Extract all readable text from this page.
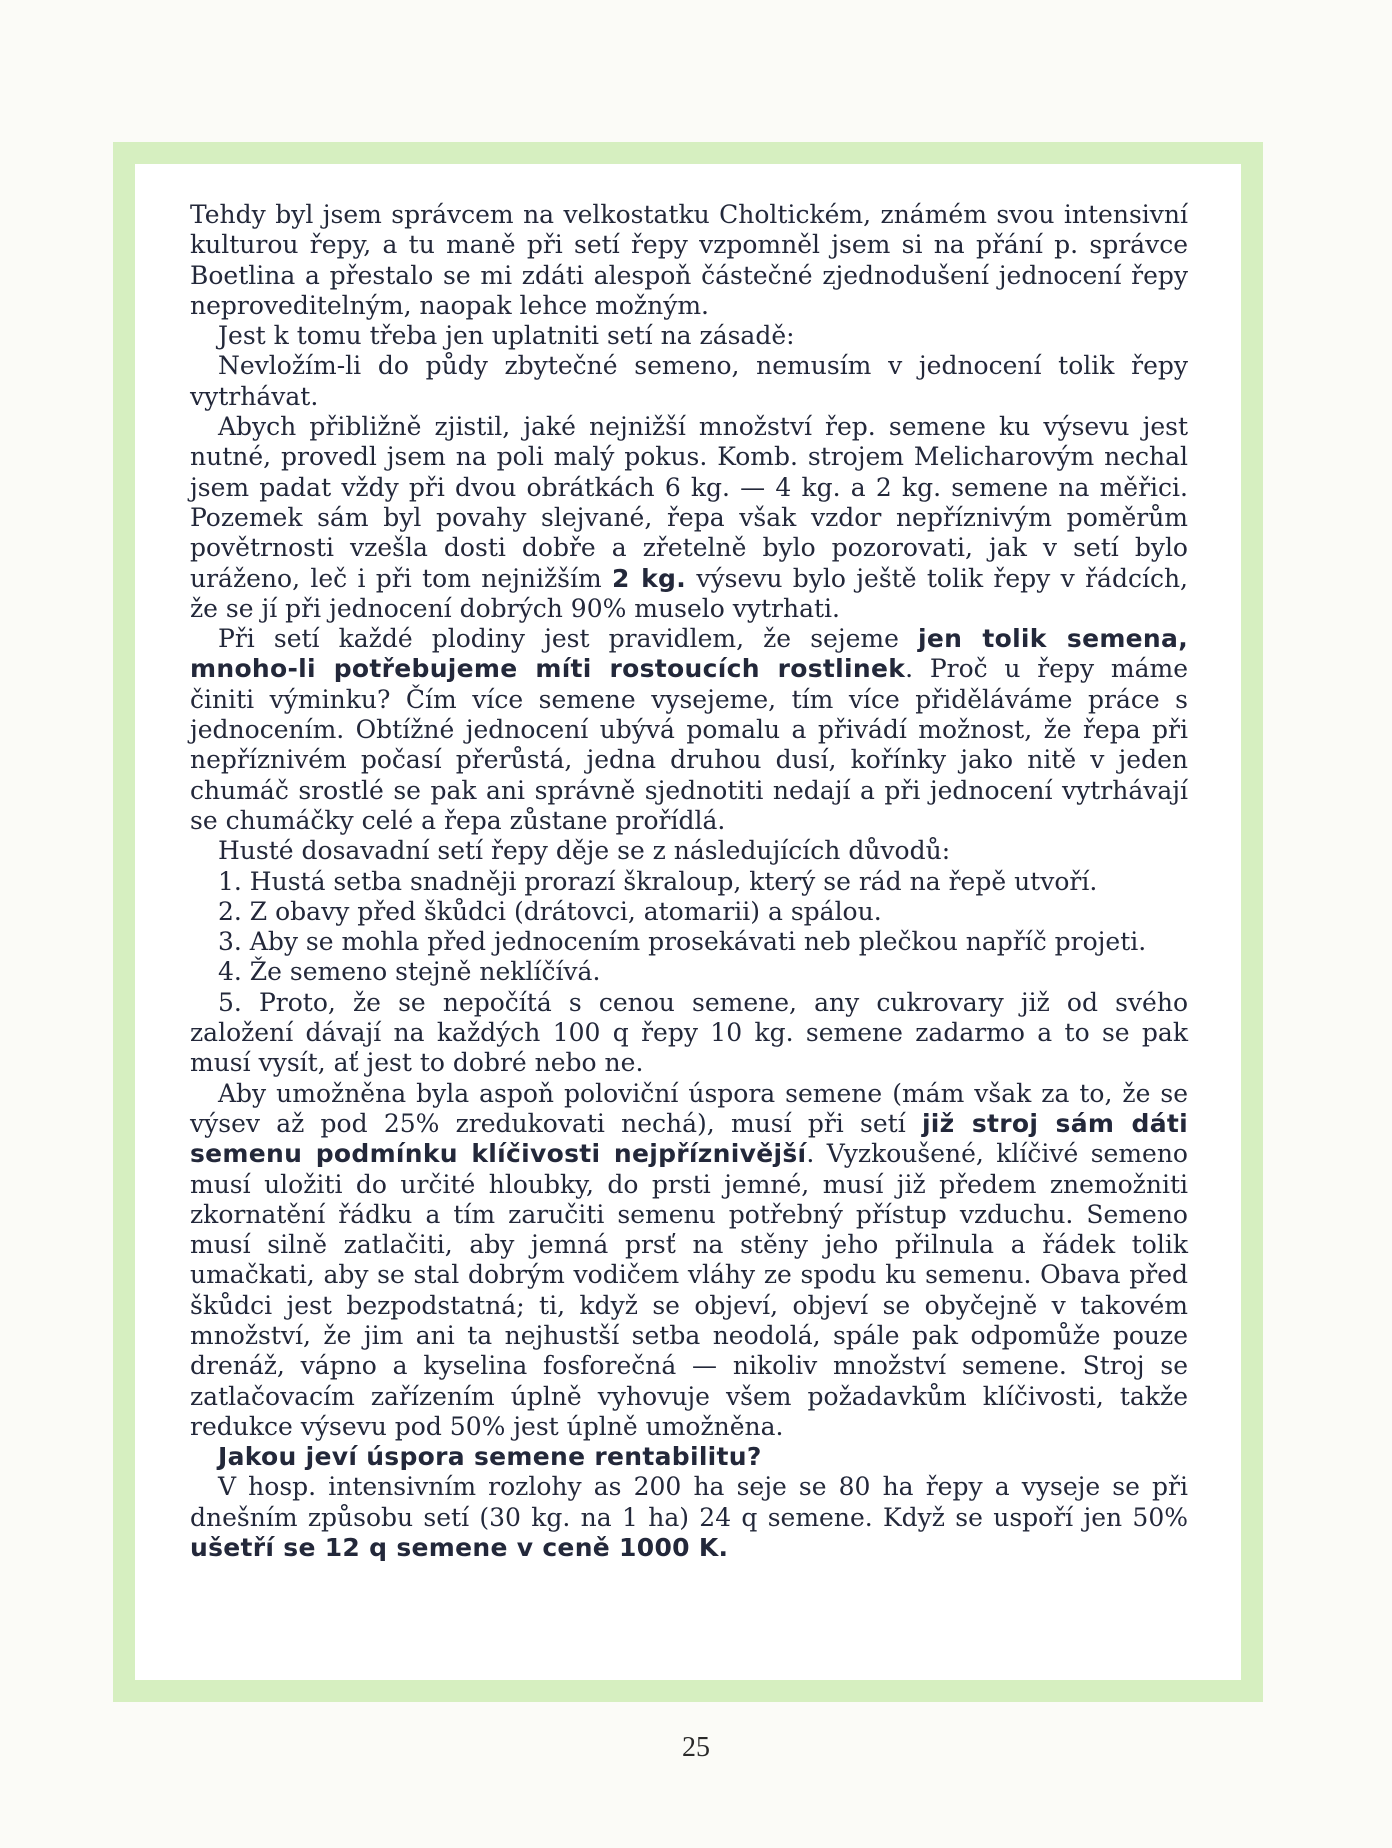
Tehdy byl jsem správcem na velkostatku Choltickém, známém svou intensivní kulturou řepy, a tu maně při setí řepy vzpomněl jsem si na přání p. správce Boetlina a přestalo se mi zdáti alespoň částečné zjednodušení jednocení řepy neproveditelným, naopak lehce možným.

Jest k tomu třeba jen uplatniti setí na zásadě:

Nevložím-li do půdy zbytečné semeno, nemusím v jednocení tolik řepy vytrhávat.

Abych přibližně zjistil, jaké nejnižší množství řep. semene ku výsevu jest nutné, provedl jsem na poli malý pokus. Komb. strojem Melicharovým nechal jsem padat vždy při dvou obrátkách 6 kg. — 4 kg. a 2 kg. semene na měřici. Pozemek sám byl povahy slejvané, řepa však vzdor nepříznivým poměrům povětrnosti vzešla dosti dobře a zřetelně bylo pozorovati, jak v setí bylo uráženo, leč i při tom nejnižším 2 kg. výsevu bylo ještě tolik řepy v řádcích, že se jí při jednocení dobrých 90% muselo vytrhati.

Při setí každé plodiny jest pravidlem, že sejeme jen tolik semena, mnoho-li potřebujeme míti rostoucích rostlinek. Proč u řepy máme činiti výminku? Čím více semene vysejeme, tím více přiděláváme práce s jednocením. Obtížné jednocení ubývá pomalu a přivádí možnost, že řepa při nepříznivém počasí přerůstá, jedna druhou dusí, kořínky jako nitě v jeden chumáč srostlé se pak ani správně sjednotiti nedají a při jednocení vytrhávají se chumáčky celé a řepa zůstane prořídlá.

Husté dosavadní setí řepy děje se z následujících důvodů:

1. Hustá setba snadněji prorazí škraloup, který se rád na řepě utvoří.

2. Z obavy před škůdci (drátovci, atomarii) a spálou.

3. Aby se mohla před jednocením prosekávati neb plečkou napříč projeti.

4. Že semeno stejně neklíčívá.

5. Proto, že se nepočítá s cenou semene, any cukrovary již od svého založení dávají na každých 100 q řepy 10 kg. semene zadarmo a to se pak musí vysít, ať jest to dobré nebo ne.

Aby umožněna byla aspoň poloviční úspora semene (mám však za to, že se výsev až pod 25% zredukovati nechá), musí při setí již stroj sám dáti semenu podmínku klíčivosti nejpříznivější. Vyzkoušené, klíčivé semeno musí uložiti do určité hloubky, do prsti jemné, musí již předem znemožniti zkornatění řádku a tím zaručiti semenu potřebný přístup vzduchu. Semeno musí silně zatlačiti, aby jemná prsť na stěny jeho přilnula a řádek tolik umačkati, aby se stal dobrým vodičem vláhy ze spodu ku semenu. Obava před škůdci jest bezpodstatná; ti, když se objeví, objeví se obyčejně v takovém množství, že jim ani ta nejhustší setba neodolá, spále pak odpomůže pouze drenáž, vápno a kyselina fosforečná — nikoliv množství semene. Stroj se zatlačovacím zařízením úplně vyhovuje všem požadavkům klíčivosti, takže redukce výsevu pod 50% jest úplně umožněna.

Jakou jeví úspora semene rentabilitu?

V hosp. intensivním rozlohy as 200 ha seje se 80 ha řepy a vyseje se při dnešním způsobu setí (30 kg. na 1 ha) 24 q semene. Když se uspoří jen 50% ušetří se 12 q semene v ceně 1000 K.

25
